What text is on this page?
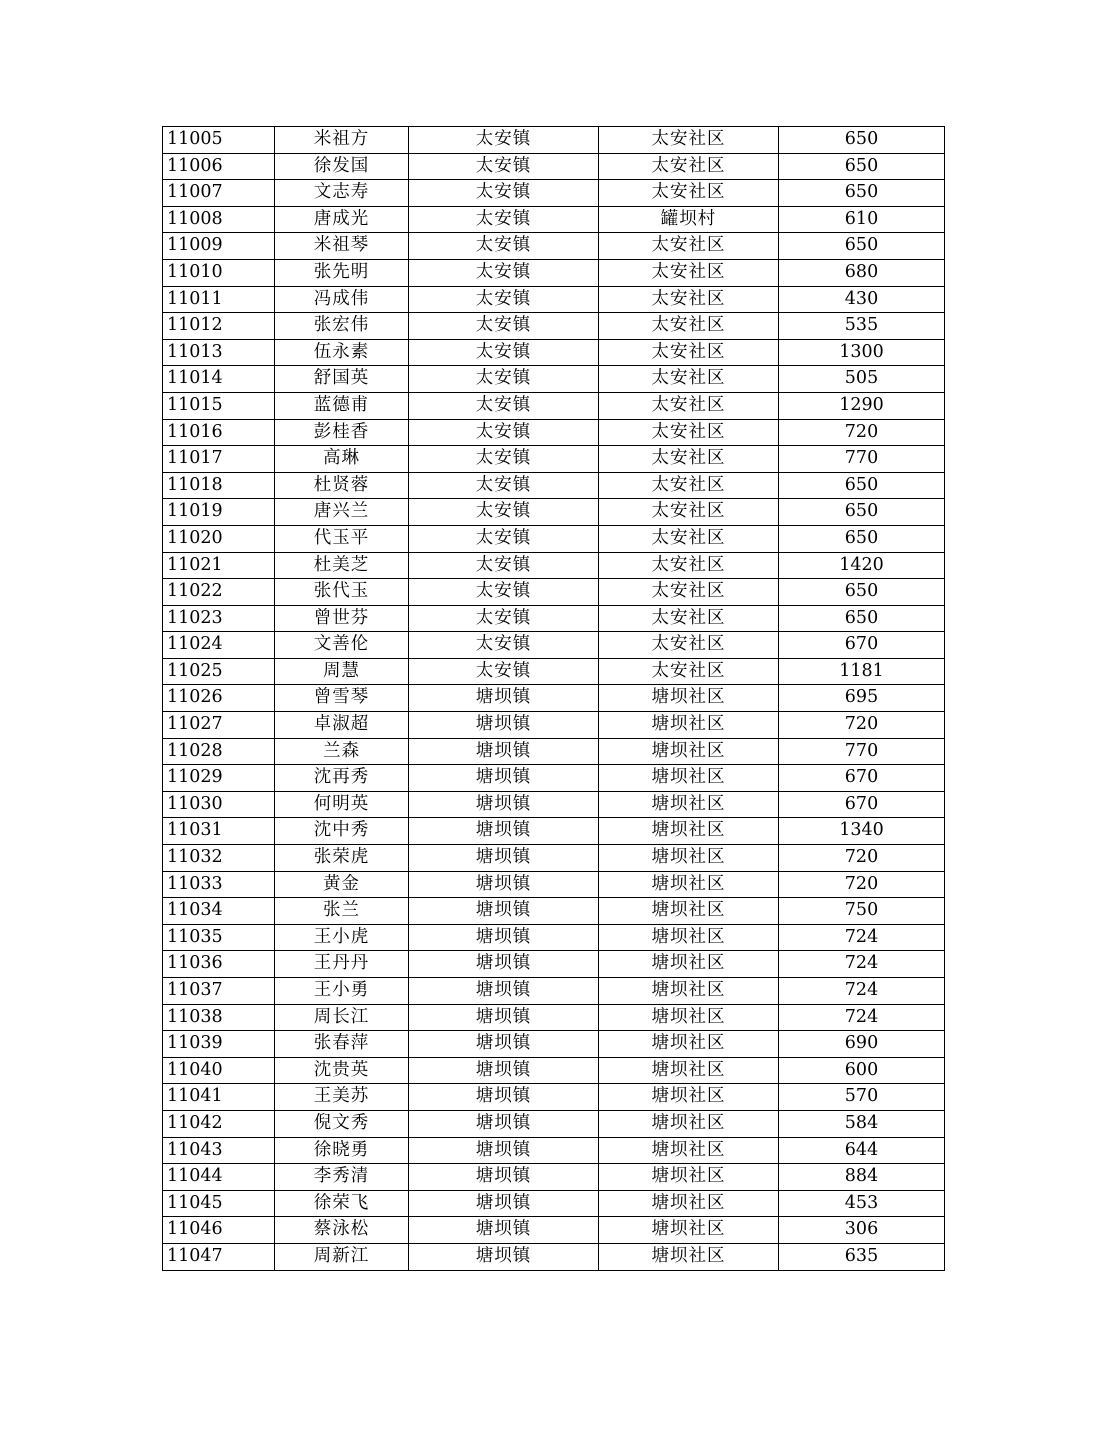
11005	米祖方	太安镇	太安社区	650
11006	徐发国	太安镇	太安社区	650
11007	文志寿	太安镇	太安社区	650
11008	唐成光	太安镇	罐坝村	610
11009	米祖琴	太安镇	太安社区	650
11010	张先明	太安镇	太安社区	680
11011	冯成伟	太安镇	太安社区	430
11012	张宏伟	太安镇	太安社区	535
11013	伍永素	太安镇	太安社区	1300
11014	舒国英	太安镇	太安社区	505
11015	蓝德甫	太安镇	太安社区	1290
11016	彭桂香	太安镇	太安社区	720
11017	高琳	太安镇	太安社区	770
11018	杜贤蓉	太安镇	太安社区	650
11019	唐兴兰	太安镇	太安社区	650
11020	代玉平	太安镇	太安社区	650
11021	杜美芝	太安镇	太安社区	1420
11022	张代玉	太安镇	太安社区	650
11023	曾世芬	太安镇	太安社区	650
11024	文善伦	太安镇	太安社区	670
11025	周慧	太安镇	太安社区	1181
11026	曾雪琴	塘坝镇	塘坝社区	695
11027	卓淑超	塘坝镇	塘坝社区	720
11028	兰森	塘坝镇	塘坝社区	770
11029	沈再秀	塘坝镇	塘坝社区	670
11030	何明英	塘坝镇	塘坝社区	670
11031	沈中秀	塘坝镇	塘坝社区	1340
11032	张荣虎	塘坝镇	塘坝社区	720
11033	黄金	塘坝镇	塘坝社区	720
11034	张兰	塘坝镇	塘坝社区	750
11035	王小虎	塘坝镇	塘坝社区	724
11036	王丹丹	塘坝镇	塘坝社区	724
11037	王小勇	塘坝镇	塘坝社区	724
11038	周长江	塘坝镇	塘坝社区	724
11039	张春萍	塘坝镇	塘坝社区	690
11040	沈贵英	塘坝镇	塘坝社区	600
11041	王美苏	塘坝镇	塘坝社区	570
11042	倪文秀	塘坝镇	塘坝社区	584
11043	徐晓勇	塘坝镇	塘坝社区	644
11044	李秀清	塘坝镇	塘坝社区	884
11045	徐荣飞	塘坝镇	塘坝社区	453
11046	蔡泳松	塘坝镇	塘坝社区	306
11047	周新江	塘坝镇	塘坝社区	635
